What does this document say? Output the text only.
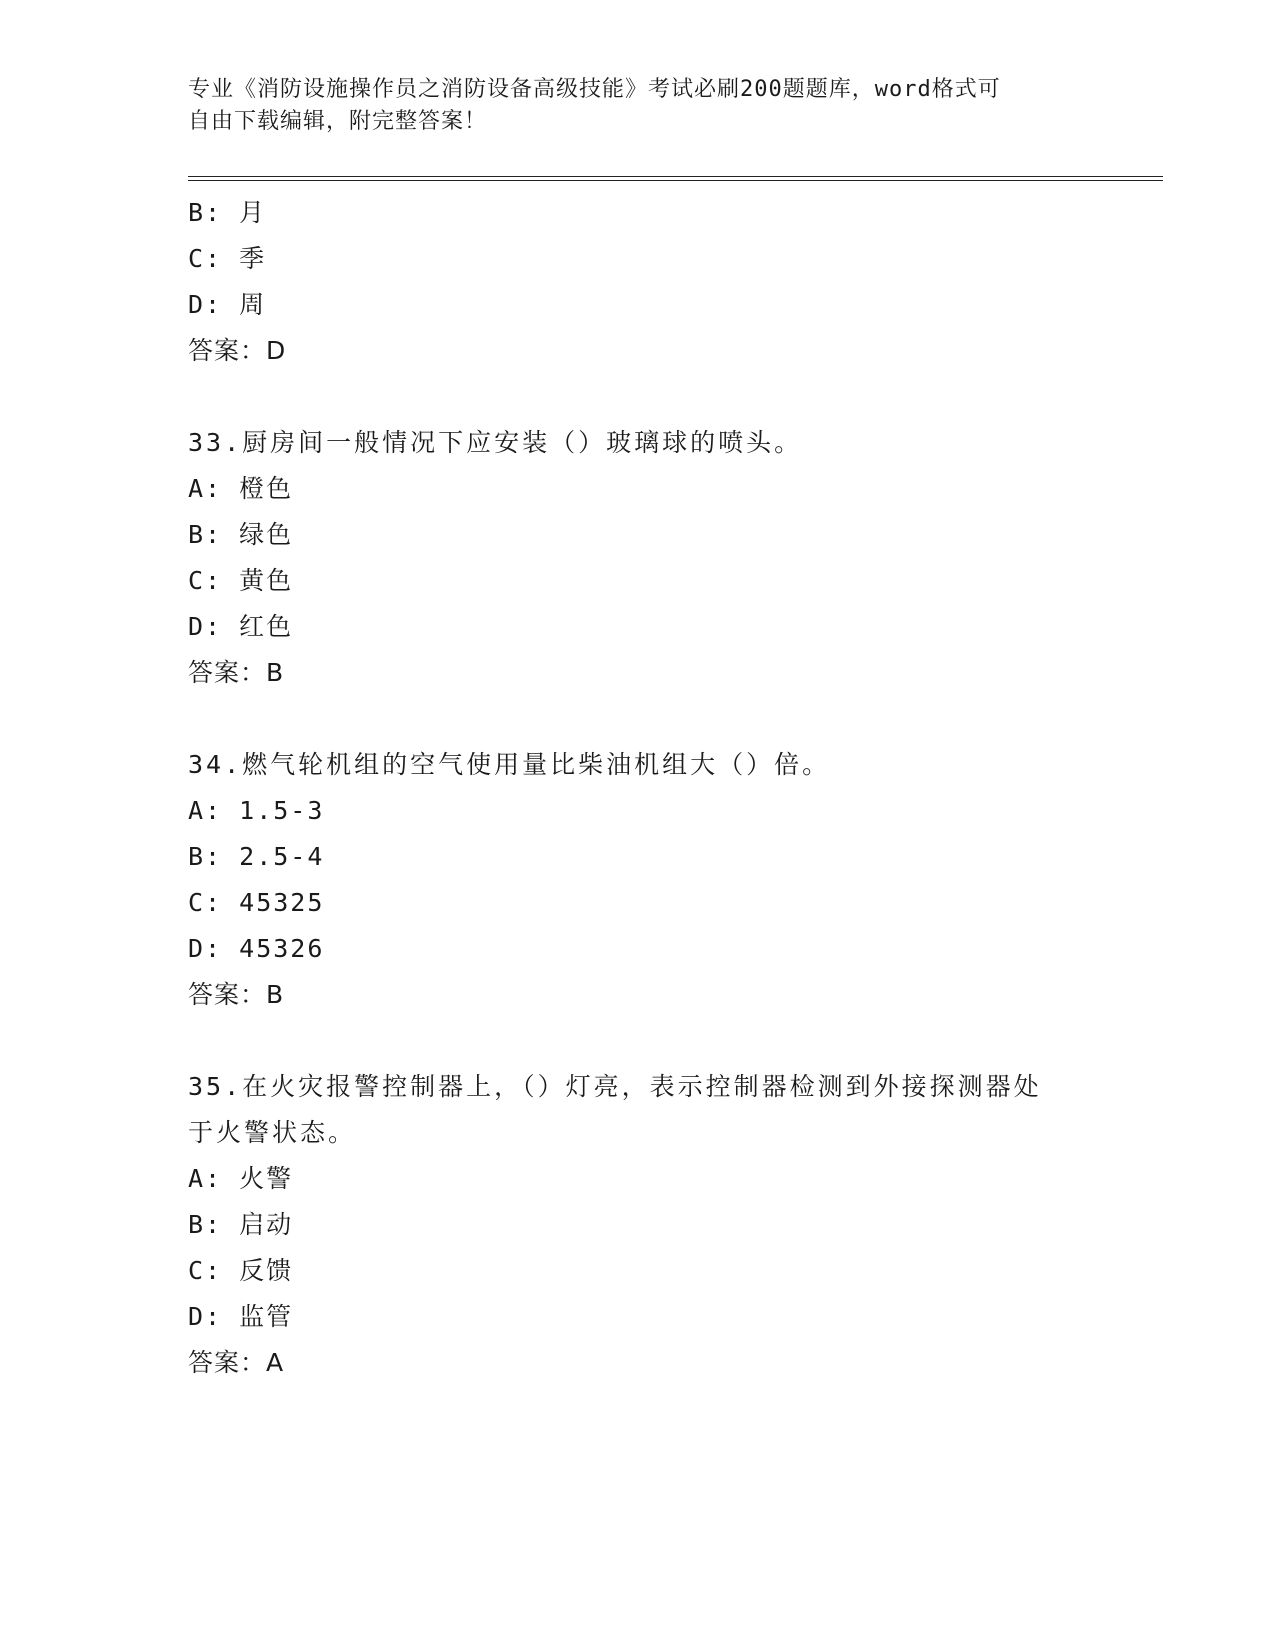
专业《消防设施操作员之消防设备高级技能》考试必刷200题题库，word格式可
自由下载编辑，附完整答案！
B: 月
C: 季
D: 周
答案：D
33.厨房间一般情况下应安装（）玻璃球的喷头。
A: 橙色
B: 绿色
C: 黄色
D: 红色
答案：B
34.燃气轮机组的空气使用量比柴油机组大（）倍。
A: 1.5-3
B: 2.5-4
C: 45325
D: 45326
答案：B
35.在火灾报警控制器上，（）灯亮，表示控制器检测到外接探测器处
于火警状态。
A: 火警
B: 启动
C: 反馈
D: 监管
答案：A
